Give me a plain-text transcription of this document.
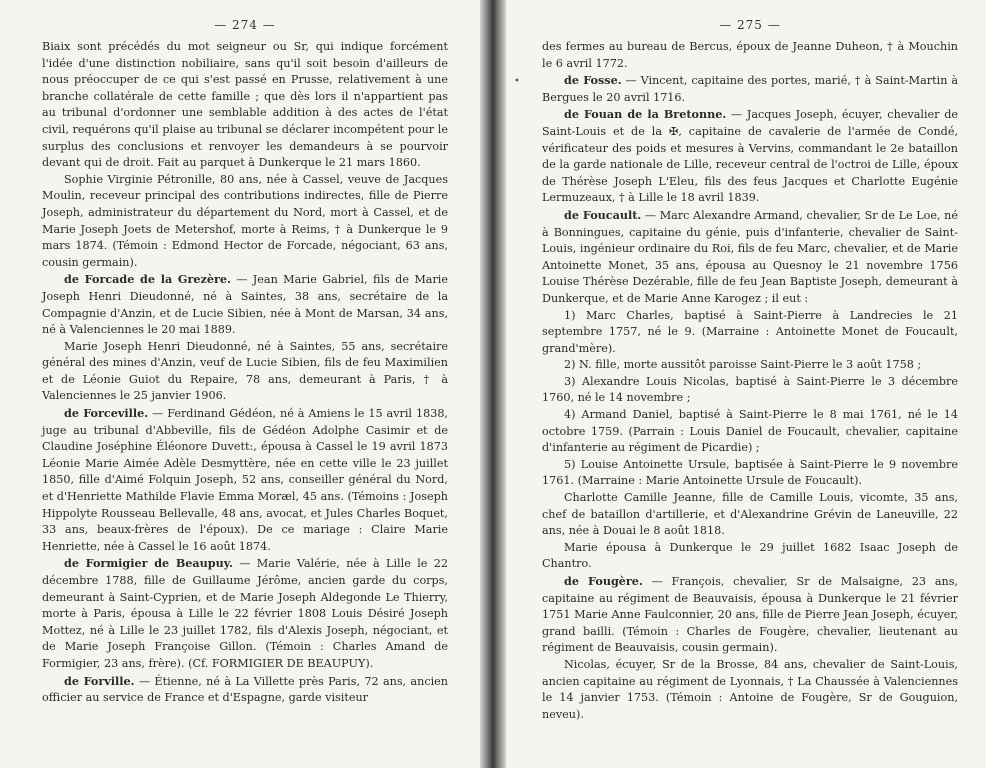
— 274 —

Biaix sont précédés du mot seigneur ou Sr, qui indique forcément l'idée d'une distinction nobiliaire, sans qu'il soit besoin d'ailleurs de nous préoccuper de ce qui s'est passé en Prusse, relativement à une branche collatérale de cette famille ; que dès lors il n'appartient pas au tribunal d'ordonner une semblable addition à des actes de l'état civil, requérons qu'il plaise au tribunal se déclarer incompétent pour le surplus des conclusions et renvoyer les demandeurs à se pourvoir devant qui de droit. Fait au parquet à Dunkerque le 21 mars 1860.

Sophie Virginie Pétronille, 80 ans, née à Cassel, veuve de Jacques Moulin, receveur principal des contributions indirectes, fille de Pierre Joseph, administrateur du département du Nord, mort à Cassel, et de Marie Joseph Joets de Metershof, morte à Reims, † à Dunkerque le 9 mars 1874. (Témoin : Edmond Hector de Forcade, négociant, 63 ans, cousin germain).

de Forcade de la Grezère. — Jean Marie Gabriel, fils de Marie Joseph Henri Dieudonné, né à Saintes, 38 ans, secrétaire de la Compagnie d'Anzin, et de Lucie Sibien, née à Mont de Marsan, 34 ans, né à Valenciennes le 20 mai 1889.

Marie Joseph Henri Dieudonné, né à Saintes, 55 ans, secrétaire général des mines d'Anzin, veuf de Lucie Sibien, fils de feu Maximilien et de Léonie Guiot du Repaire, 78 ans, demeurant à Paris, † à Valenciennes le 25 janvier 1906.

de Forceville. — Ferdinand Gédéon, né à Amiens le 15 avril 1838, juge au tribunal d'Abbeville, fils de Gédéon Adolphe Casimir et de Claudine Joséphine Éléonore Duvett:, épousa à Cassel le 19 avril 1873 Léonie Marie Aimée Adèle Desmyttère, née en cette ville le 23 juillet 1850, fille d'Aimé Folquin Joseph, 52 ans, conseiller général du Nord, et d'Henriette Mathilde Flavie Emma Moræl, 45 ans. (Témoins : Joseph Hippolyte Rousseau Bellevalle, 48 ans, avocat, et Jules Charles Boquet, 33 ans, beaux-frères de l'époux). De ce mariage : Claire Marie Henriette, née à Cassel le 16 août 1874.

de Formigier de Beaupuy. — Marie Valérie, née à Lille le 22 décembre 1788, fille de Guillaume Jérôme, ancien garde du corps, demeurant à Saint-Cyprien, et de Marie Joseph Aldegonde Le Thierry, morte à Paris, épousa à Lille le 22 février 1808 Louis Désiré Joseph Mottez, né à Lille le 23 juillet 1782, fils d'Alexis Joseph, négociant, et de Marie Joseph Françoise Gillon. (Témoin : Charles Amand de Formigier, 23 ans, frère). (Cf. FORMIGIER DE BEAUPUY).

de Forville. — Étienne, né à La Villette près Paris, 72 ans, ancien officier au service de France et d'Espagne, garde visiteur

•
— 275 —

des fermes au bureau de Bercus, époux de Jeanne Duheon, † à Mouchin le 6 avril 1772.

de Fosse. — Vincent, capitaine des portes, marié, † à Saint-Martin à Bergues le 20 avril 1716.

de Fouan de la Bretonne. — Jacques Joseph, écuyer, chevalier de Saint-Louis et de la ✠, capitaine de cavalerie de l'armée de Condé, vérificateur des poids et mesures à Vervins, commandant le 2e bataillon de la garde nationale de Lille, receveur central de l'octroi de Lille, époux de Thérèse Joseph L'Eleu, fils des feus Jacques et Charlotte Eugénie Lermuzeaux, † à Lille le 18 avril 1839.

de Foucault. — Marc Alexandre Armand, chevalier, Sr de Le Loe, né à Bonningues, capitaine du génie, puis d'infanterie, chevalier de Saint-Louis, ingénieur ordinaire du Roi, fils de feu Marc, chevalier, et de Marie Antoinette Monet, 35 ans, épousa au Quesnoy le 21 novembre 1756 Louise Thérèse Dezérable, fille de feu Jean Baptiste Joseph, demeurant à Dunkerque, et de Marie Anne Karogez ; il eut :

1) Marc Charles, baptisé à Saint-Pierre à Landrecies le 21 septembre 1757, né le 9. (Marraine : Antoinette Monet de Foucault, grand'mère).

2) N. fille, morte aussitôt paroisse Saint-Pierre le 3 août 1758 ;

3) Alexandre Louis Nicolas, baptisé à Saint-Pierre le 3 décembre 1760, né le 14 novembre ;

4) Armand Daniel, baptisé à Saint-Pierre le 8 mai 1761, né le 14 octobre 1759. (Parrain : Louis Daniel de Foucault, chevalier, capitaine d'infanterie au régiment de Picardie) ;

5) Louise Antoinette Ursule, baptisée à Saint-Pierre le 9 novembre 1761. (Marraine : Marie Antoinette Ursule de Foucault).

Charlotte Camille Jeanne, fille de Camille Louis, vicomte, 35 ans, chef de bataillon d'artillerie, et d'Alexandrine Grévin de Laneuville, 22 ans, née à Douai le 8 août 1818.

Marie épousa à Dunkerque le 29 juillet 1682 Isaac Joseph de Chantro.

de Fougère. — François, chevalier, Sr de Malsaigne, 23 ans, capitaine au régiment de Beauvaisis, épousa à Dunkerque le 21 février 1751 Marie Anne Faulconnier, 20 ans, fille de Pierre Jean Joseph, écuyer, grand bailli. (Témoin : Charles de Fougère, chevalier, lieutenant au régiment de Beauvaisis, cousin germain).

Nicolas, écuyer, Sr de la Brosse, 84 ans, chevalier de Saint-Louis, ancien capitaine au régiment de Lyonnais, † La Chaussée à Valenciennes le 14 janvier 1753. (Témoin : Antoine de Fougère, Sr de Gouguion, neveu).
